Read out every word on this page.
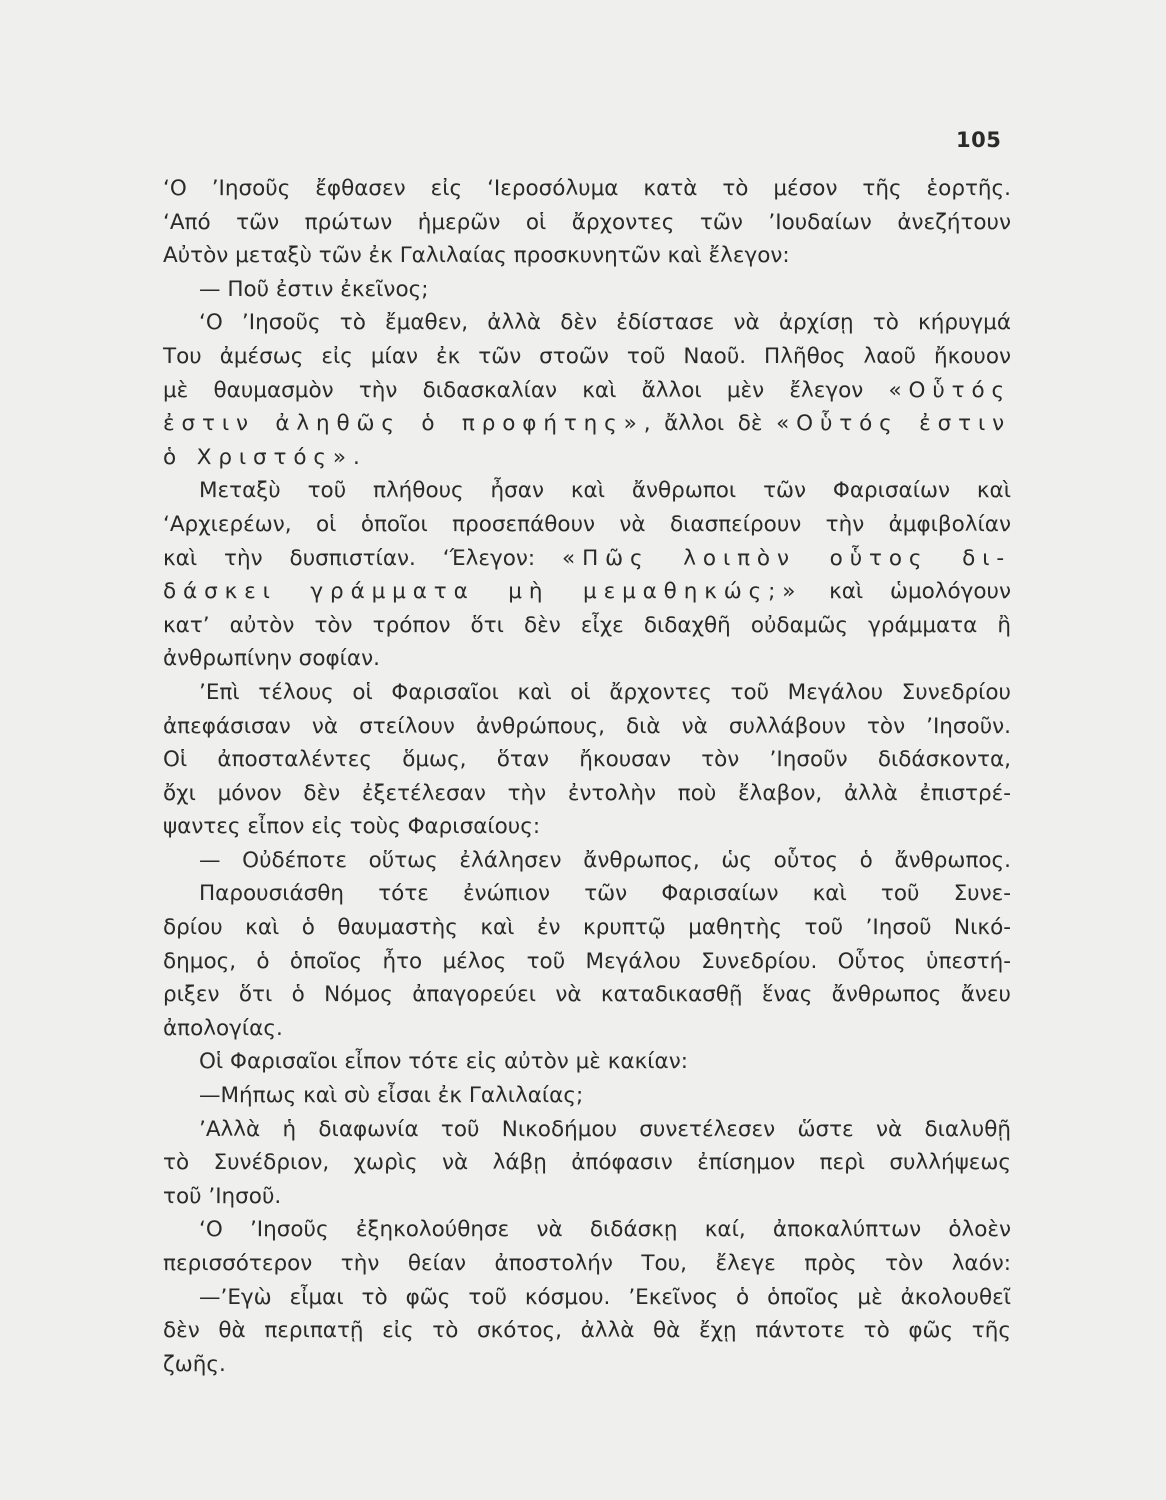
105
‘Ο ’Ιησοῦς ἔφθασεν εἰς ‘Ιεροσόλυμα κατὰ τὸ μέσον τῆς ἑορτῆς.
‘Από τῶν πρώτων ἡμερῶν οἱ ἄρχοντες τῶν ’Ιουδαίων ἀνεζήτουν
Αὐτὸν μεταξὺ τῶν ἐκ Γαλιλαίας προσκυνητῶν καὶ ἔλεγον:
— Ποῦ ἐστιν ἐκεῖνος;
‘Ο ’Ιησοῦς τὸ ἔμαθεν, ἀλλὰ δὲν ἐδίστασε νὰ ἀρχίσῃ τὸ κήρυγμά
Του ἀμέσως εἰς μίαν ἐκ τῶν στοῶν τοῦ Ναοῦ. Πλῆθος λαοῦ ἤκουον
μὲ θαυμασμὸν τὴν διδασκαλίαν καὶ ἄλλοι μὲν ἔλεγον «Οὗτός
ἐστιν ἀληθῶς ὁ προφήτης», ἄλλοι δὲ «Οὗτός ἐστιν
ὁ Χριστός».
Μεταξὺ τοῦ πλήθους ἦσαν καὶ ἄνθρωποι τῶν Φαρισαίων καὶ
‘Αρχιερέων, οἱ ὁποῖοι προσεπάθουν νὰ διασπείρουν τὴν ἀμφιβολίαν
καὶ τὴν δυσπιστίαν. ‘Έλεγον: «Πῶς λοιπὸν οὗτος δι-
δάσκει γράμματα μὴ μεμαθηκώς;» καὶ ὡμολόγουν
κατ’ αὐτὸν τὸν τρόπον ὅτι δὲν εἶχε διδαχθῆ οὐδαμῶς γράμματα ἢ
ἀνθρωπίνην σοφίαν.
’Επὶ τέλους οἱ Φαρισαῖοι καὶ οἱ ἄρχοντες τοῦ Μεγάλου Συνεδρίου
ἀπεφάσισαν νὰ στείλουν ἀνθρώπους, διὰ νὰ συλλάβουν τὸν ’Ιησοῦν.
Οἱ ἀποσταλέντες ὅμως, ὅταν ἤκουσαν τὸν ’Ιησοῦν διδάσκοντα,
ὄχι μόνον δὲν ἐξετέλεσαν τὴν ἐντολὴν ποὺ ἔλαβον, ἀλλὰ ἐπιστρέ-
ψαντες εἶπον εἰς τοὺς Φαρισαίους:
— Οὐδέποτε οὕτως ἐλάλησεν ἄνθρωπος, ὡς οὗτος ὁ ἄνθρωπος.
Παρουσιάσθη τότε ἐνώπιον τῶν Φαρισαίων καὶ τοῦ Συνε-
δρίου καὶ ὁ θαυμαστὴς καὶ ἐν κρυπτῷ μαθητὴς τοῦ ’Ιησοῦ Νικό-
δημος, ὁ ὁποῖος ἦτο μέλος τοῦ Μεγάλου Συνεδρίου. Οὗτος ὑπεστή-
ριξεν ὅτι ὁ Νόμος ἀπαγορεύει νὰ καταδικασθῇ ἕνας ἄνθρωπος ἄνευ
ἀπολογίας.
Οἱ Φαρισαῖοι εἶπον τότε εἰς αὐτὸν μὲ κακίαν:
—Μήπως καὶ σὺ εἶσαι ἐκ Γαλιλαίας;
’Αλλὰ ἡ διαφωνία τοῦ Νικοδήμου συνετέλεσεν ὥστε νὰ διαλυθῇ
τὸ Συνέδριον, χωρὶς νὰ λάβῃ ἀπόφασιν ἐπίσημον περὶ συλλήψεως
τοῦ ’Ιησοῦ.
‘Ο ’Ιησοῦς ἐξηκολούθησε νὰ διδάσκῃ καί, ἀποκαλύπτων ὁλοὲν
περισσότερον τὴν θείαν ἀποστολήν Του, ἔλεγε πρὸς τὸν λαόν:
—’Εγὼ εἶμαι τὸ φῶς τοῦ κόσμου. ’Εκεῖνος ὁ ὁποῖος μὲ ἀκολουθεῖ
δὲν θὰ περιπατῇ εἰς τὸ σκότος, ἀλλὰ θὰ ἔχῃ πάντοτε τὸ φῶς τῆς
ζωῆς.
